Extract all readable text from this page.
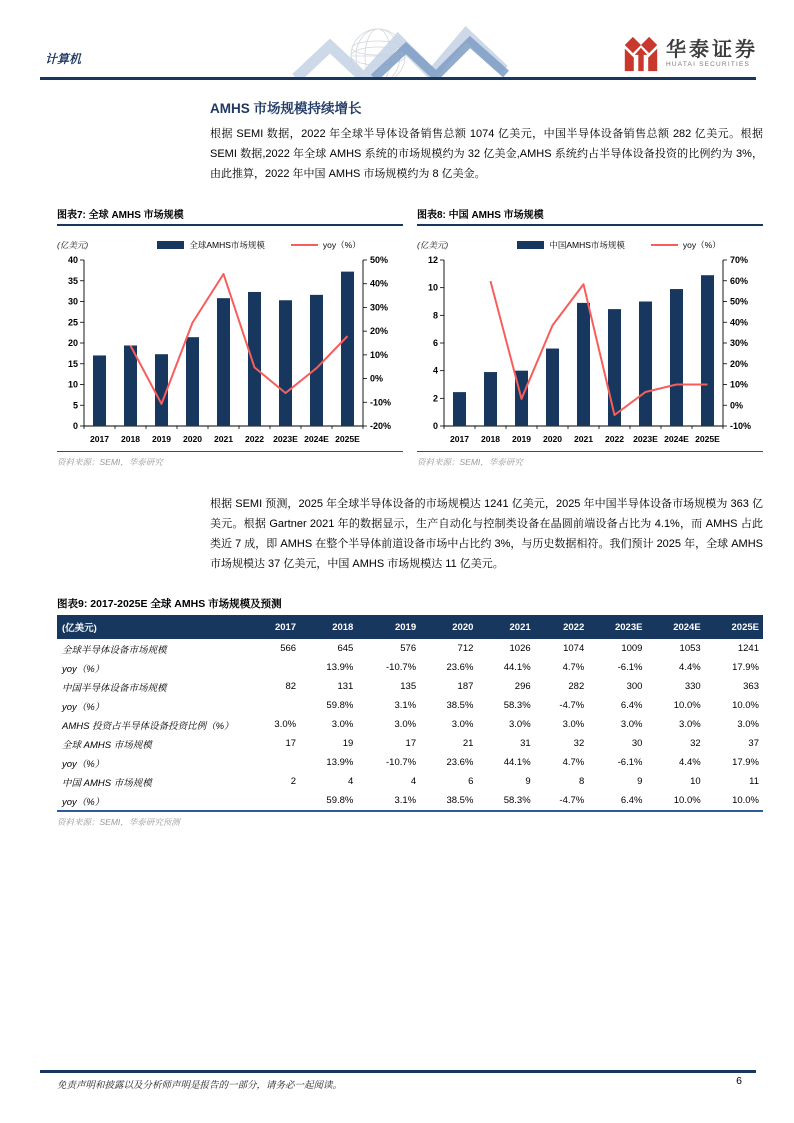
计算机	华泰证券
HUATAI SECURITIES
AMHS 市场规模持续增长

根据 SEMI 数据，2022 年全球半导体设备销售总额 1074 亿美元，中国半导体设备销售总额 282 亿美元。根据 SEMI 数据,2022 年全球 AMHS 系统的市场规模约为 32 亿美金,AMHS 系统约占半导体设备投资的比例约为 3%，由此推算，2022 年中国 AMHS 市场规模约为 8 亿美金。

图表7: 全球 AMHS 市场规模
(亿美元)	全球AMHS市场规模	yoy（%）
0
5
10
15
20
25
30
35
40
-20%
-10%
0%
10%
20%
30%
40%
50%
2017 2018 2019 2020 2021 2022 2023E 2024E 2025E
资料来源：SEMI，华泰研究
图表8: 中国 AMHS 市场规模
(亿美元)	中国AMHS市场规模	yoy（%）
0
2
4
6
8
10
12
-10%
0%
10%
20%
30%
40%
50%
60%
70%
2017 2018 2019 2020 2021 2022 2023E 2024E 2025E
资料来源：SEMI，华泰研究

根据 SEMI 预测，2025 年全球半导体设备的市场规模达 1241 亿美元，2025 年中国半导体设备市场规模为 363 亿美元。根据 Gartner 2021 年的数据显示，生产自动化与控制类设备在晶圆前端设备占比为 4.1%，而 AMHS 占此类近 7 成，即 AMHS 在整个半导体前道设备市场中占比约 3%，与历史数据相符。我们预计 2025 年，全球 AMHS 市场规模达 37 亿美元，中国 AMHS 市场规模达 11 亿美元。

图表9: 2017-2025E 全球 AMHS 市场规模及预测
(亿美元)	2017	2018	2019	2020	2021	2022	2023E	2024E	2025E
全球半导体设备市场规模	566	645	576	712	1026	1074	1009	1053	1241
yoy（%）		13.9%	-10.7%	23.6%	44.1%	4.7%	-6.1%	4.4%	17.9%
中国半导体设备市场规模	82	131	135	187	296	282	300	330	363
yoy（%）		59.8%	3.1%	38.5%	58.3%	-4.7%	6.4%	10.0%	10.0%
AMHS 投资占半导体设备投资比例（%）	3.0%	3.0%	3.0%	3.0%	3.0%	3.0%	3.0%	3.0%	3.0%
全球 AMHS 市场规模	17	19	17	21	31	32	30	32	37
yoy（%）		13.9%	-10.7%	23.6%	44.1%	4.7%	-6.1%	4.4%	17.9%
中国 AMHS 市场规模	2	4	4	6	9	8	9	10	11
yoy（%）		59.8%	3.1%	38.5%	58.3%	-4.7%	6.4%	10.0%	10.0%
资料来源：SEMI，华泰研究预测
免责声明和披露以及分析师声明是报告的一部分，请务必一起阅读。	6
